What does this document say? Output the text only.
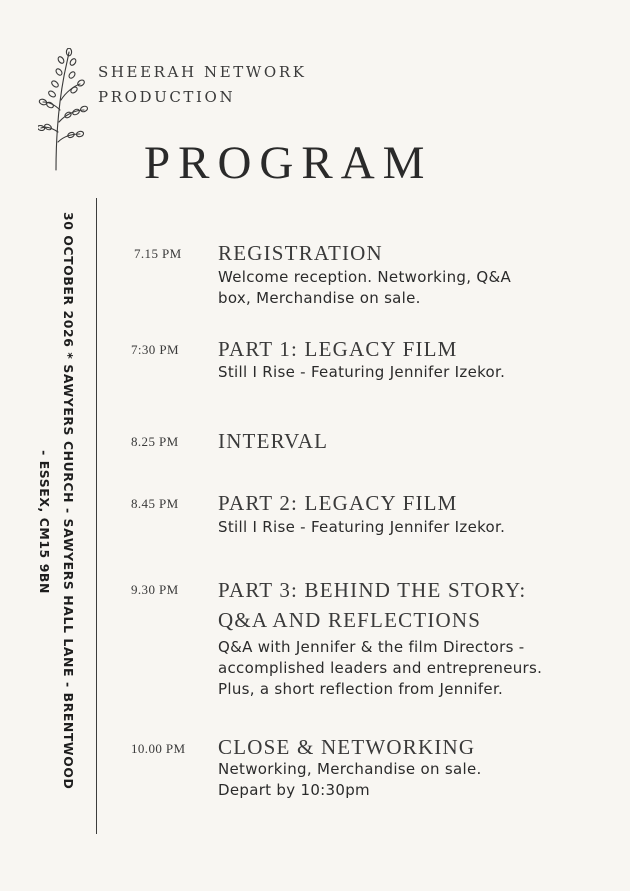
SHEERAH NETWORK
PRODUCTION
PROGRAM
30 OCTOBER 2026 * SAWYERS CHURCH - SAWYERS HALL LANE - BRENTWOOD
- ESSEX, CM15 9BN
7.15 PM REGISTRATION
Welcome reception. Networking, Q&A
box, Merchandise on sale.
7:30 PM PART 1: LEGACY FILM
Still I Rise - Featuring Jennifer Izekor.
8.25 PM INTERVAL
8.45 PM PART 2: LEGACY FILM
Still I Rise - Featuring Jennifer Izekor.
9.30 PM PART 3: BEHIND THE STORY:
Q&A AND REFLECTIONS
Q&A with Jennifer & the film Directors -
accomplished leaders and entrepreneurs.
Plus, a short reflection from Jennifer.
10.00 PM CLOSE & NETWORKING
Networking, Merchandise on sale.
Depart by 10:30pm
